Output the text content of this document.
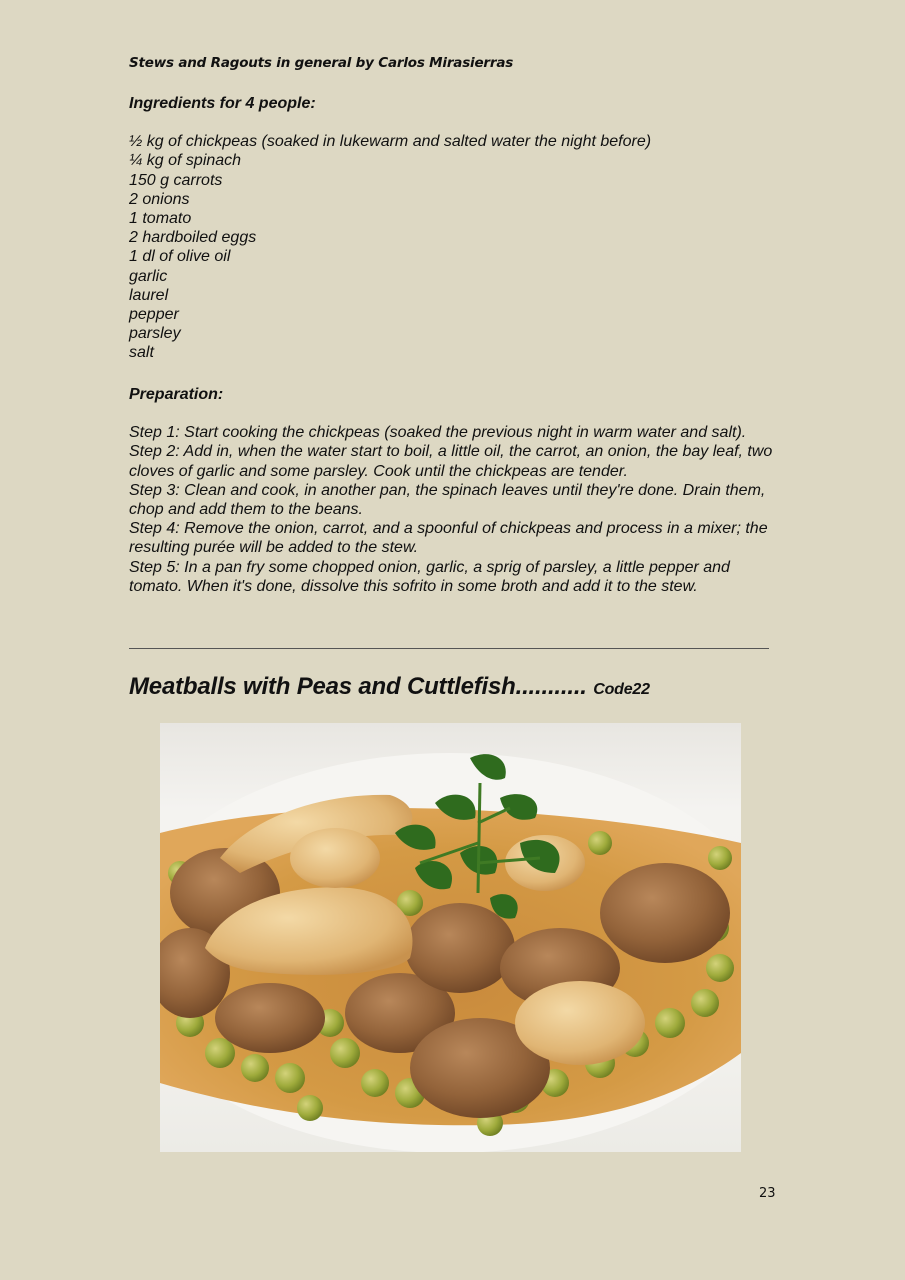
Stews and Ragouts in general by Carlos Mirasierras
Ingredients for 4 people:
½ kg of chickpeas (soaked in lukewarm and salted water the night before)
¼ kg of spinach
150 g carrots
2 onions
1 tomato
2 hardboiled eggs
1 dl of olive oil
garlic
laurel
pepper
parsley
salt
Preparation:

Step 1: Start cooking the chickpeas (soaked the previous night in warm water and salt).

Step 2: Add in, when the water start to boil, a little oil, the carrot, an onion, the bay leaf, two cloves of garlic and some parsley. Cook until the chickpeas are tender.

Step 3: Clean and cook, in another pan, the spinach leaves until they're done. Drain them, chop and add them to the beans.

Step 4: Remove the onion, carrot, and a spoonful of chickpeas and process in a mixer; the resulting purée will be added to the stew.

Step 5: In a pan fry some chopped onion, garlic, a sprig of parsley, a little pepper and tomato. When it's done, dissolve this sofrito in some broth and add it to the stew.

Meatballs with Peas and Cuttlefish........... Code22
23
